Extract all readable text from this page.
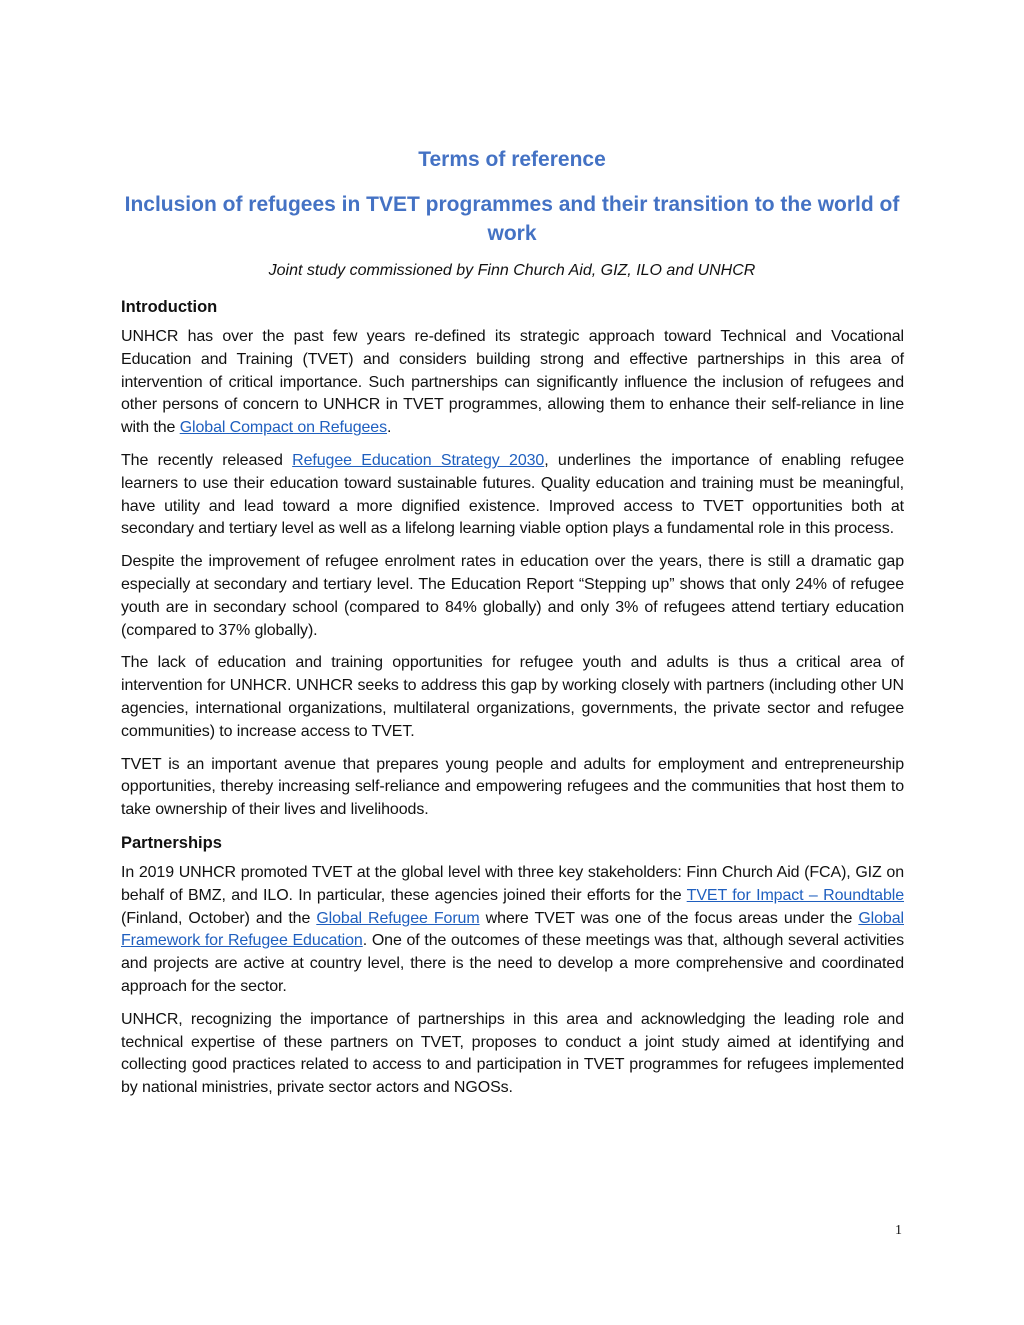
Terms of reference
Inclusion of refugees in TVET programmes and their transition to the world of work

Joint study commissioned by Finn Church Aid, GIZ, ILO and UNHCR

Introduction

UNHCR has over the past few years re-defined its strategic approach toward Technical and Vocational Education and Training (TVET) and considers building strong and effective partnerships in this area of intervention of critical importance. Such partnerships can significantly influence the inclusion of refugees and other persons of concern to UNHCR in TVET programmes, allowing them to enhance their self-reliance in line with the Global Compact on Refugees.

The recently released Refugee Education Strategy 2030, underlines the importance of enabling refugee learners to use their education toward sustainable futures. Quality education and training must be meaningful, have utility and lead toward a more dignified existence. Improved access to TVET opportunities both at secondary and tertiary level as well as a lifelong learning viable option plays a fundamental role in this process.

Despite the improvement of refugee enrolment rates in education over the years, there is still a dramatic gap especially at secondary and tertiary level. The Education Report “Stepping up” shows that only 24% of refugee youth are in secondary school (compared to 84% globally) and only 3% of refugees attend tertiary education (compared to 37% globally).

The lack of education and training opportunities for refugee youth and adults is thus a critical area of intervention for UNHCR. UNHCR seeks to address this gap by working closely with partners (including other UN agencies, international organizations, multilateral organizations, governments, the private sector and refugee communities) to increase access to TVET.

TVET is an important avenue that prepares young people and adults for employment and entrepreneurship opportunities, thereby increasing self-reliance and empowering refugees and the communities that host them to take ownership of their lives and livelihoods.

Partnerships

In 2019 UNHCR promoted TVET at the global level with three key stakeholders: Finn Church Aid (FCA), GIZ on behalf of BMZ, and ILO. In particular, these agencies joined their efforts for the TVET for Impact – Roundtable (Finland, October) and the Global Refugee Forum where TVET was one of the focus areas under the Global Framework for Refugee Education. One of the outcomes of these meetings was that, although several activities and projects are active at country level, there is the need to develop a more comprehensive and coordinated approach for the sector.

UNHCR, recognizing the importance of partnerships in this area and acknowledging the leading role and technical expertise of these partners on TVET, proposes to conduct a joint study aimed at identifying and collecting good practices related to access to and participation in TVET programmes for refugees implemented by national ministries, private sector actors and NGOSs.

1
